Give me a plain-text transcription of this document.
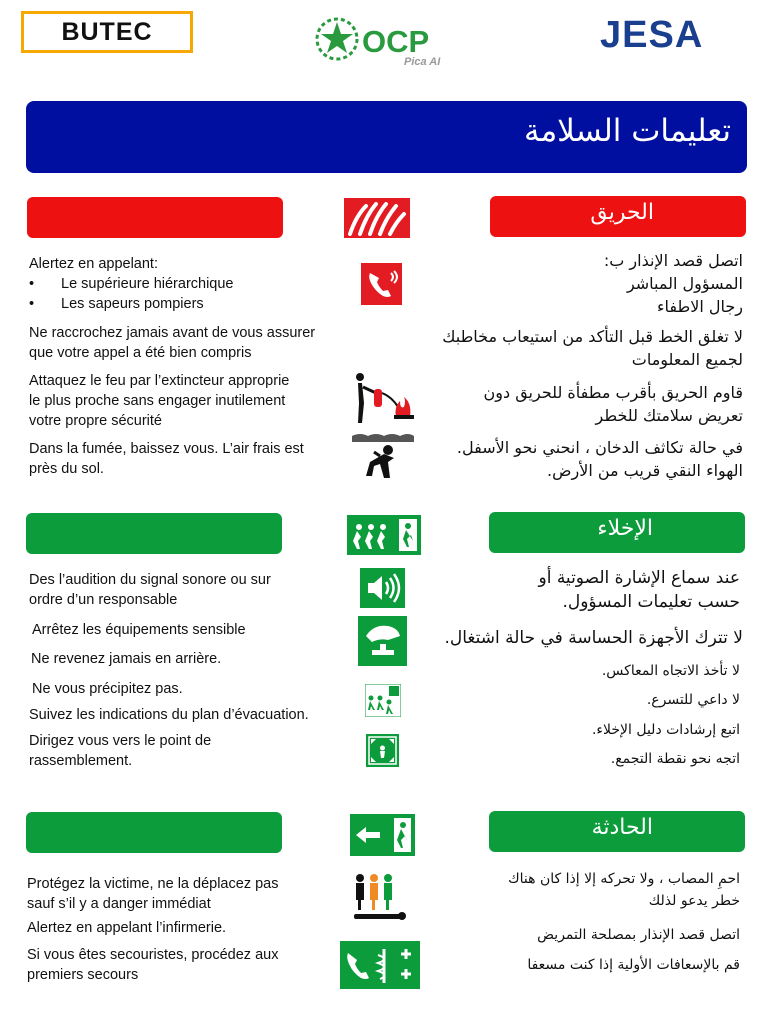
BUTEC	OCP
Pica AI
JESA
تعليمات السلامة
الحريق
Alertez en appelant:
• Le supérieure hiérarchique
• Les sapeurs pompiers
Ne raccrochez jamais avant de vous assurer
que votre appel a été bien compris
Attaquez le feu par l’extincteur appropriе
le plus proche sans engager inutilement
votre propre sécurité
Dans la fumée, baissez vous. L’air frais est
près du sol.
اتصل قصد الإنذار ب:
المسؤول المباشر
رجال الاطفاء
لا تغلق الخط قبل التأكد من استيعاب مخاطبك
لجميع المعلومات
قاوم الحريق بأقرب مطفأة للحريق دون
تعريض سلامتك للخطر
في حالة تكاثف الدخان ، انحني نحو الأسفل.
الهواء النقي قريب من الأرض.
الإخلاء
Des l’audition du signal sonore ou sur
ordre d’un responsable
Arrêtez les équipements sensible
Ne revenez jamais en arrière.
Ne vous précipitez pas.
Suivez les indications du plan d’évacuation.
Dirigez vous vers le point de
rassemblement.
عند سماع الإشارة الصوتية أو
حسب تعليمات المسؤول.
لا تترك الأجهزة الحساسة في حالة اشتغال.
لا تأخذ الاتجاه المعاكس.
لا داعي للتسرع.
اتبع إرشادات دليل الإخلاء.
اتجه نحو نقطة التجمع.
الحادثة
Protégez la victime, ne la déplacez pas
sauf s’il y a danger immédiat
Alertez en appelant l’infirmerie.
Si vous êtes secouristes, procédez aux
premiers secours
احمِ المصاب ، ولا تحركه إلا إذا كان هناك
خطر يدعو لذلك
اتصل قصد الإنذار بمصلحة التمريض
قم بالإسعافات الأولية إذا كنت مسعفا
